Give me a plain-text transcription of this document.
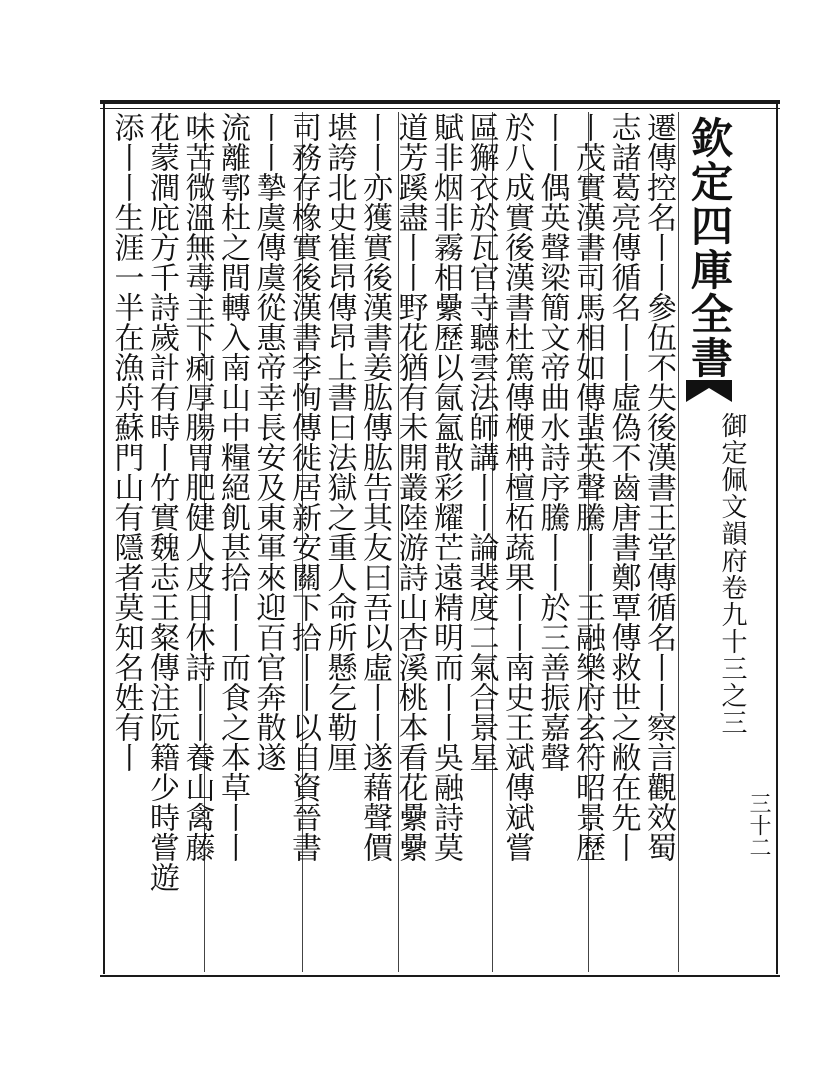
欽定四庫全書
御定佩文韻府卷九十三之三
三十二
遷傳控名丨丨參伍不失後漢書王堂傳循名丨丨察言觀效蜀
志諸葛亮傳循名丨丨虛偽不齒唐書鄭覃傳救世之敝在先丨
丨茂實漢書司馬相如傳蜚英聲騰丨丨王融樂府玄符昭景歷
丨丨偶英聲梁簡文帝曲水詩序騰丨丨於三善振嘉聲
於八成實後漢書杜篤傳楩柟檀柘蔬果丨丨南史王斌傳斌嘗
區獬衣於瓦官寺聽雲法師講丨丨論裴度二氣合景星
賦非烟非霧相纍歷以氤氳散彩耀芒遠精明而丨丨吳融詩莫
道芳蹊盡丨丨野花猶有未開叢陸游詩山杏溪桃本看花纍纍
丨丨亦獲實後漢書姜肱傳肱告其友曰吾以虛丨丨遂藉聲價
堪誇北史崔昂傳昂上書曰法獄之重人命所懸乞勒厘
司務存橡實後漢書李恂傳徙居新安關下拾丨丨以自資晉書
丨丨摯虞傳虞從惠帝幸長安及東軍來迎百官奔散遂
流離鄠杜之間轉入南山中糧絕飢甚拾丨丨而食之本草丨丨
味苦微溫無毒主下痢厚腸胃肥健人皮日休詩丨丨養山禽藤
花蒙澗庇方千詩歲計有時丨竹實魏志王粲傳注阮籍少時嘗遊
添丨丨生涯一半在漁舟蘇門山有隱者莫知名姓有丨
